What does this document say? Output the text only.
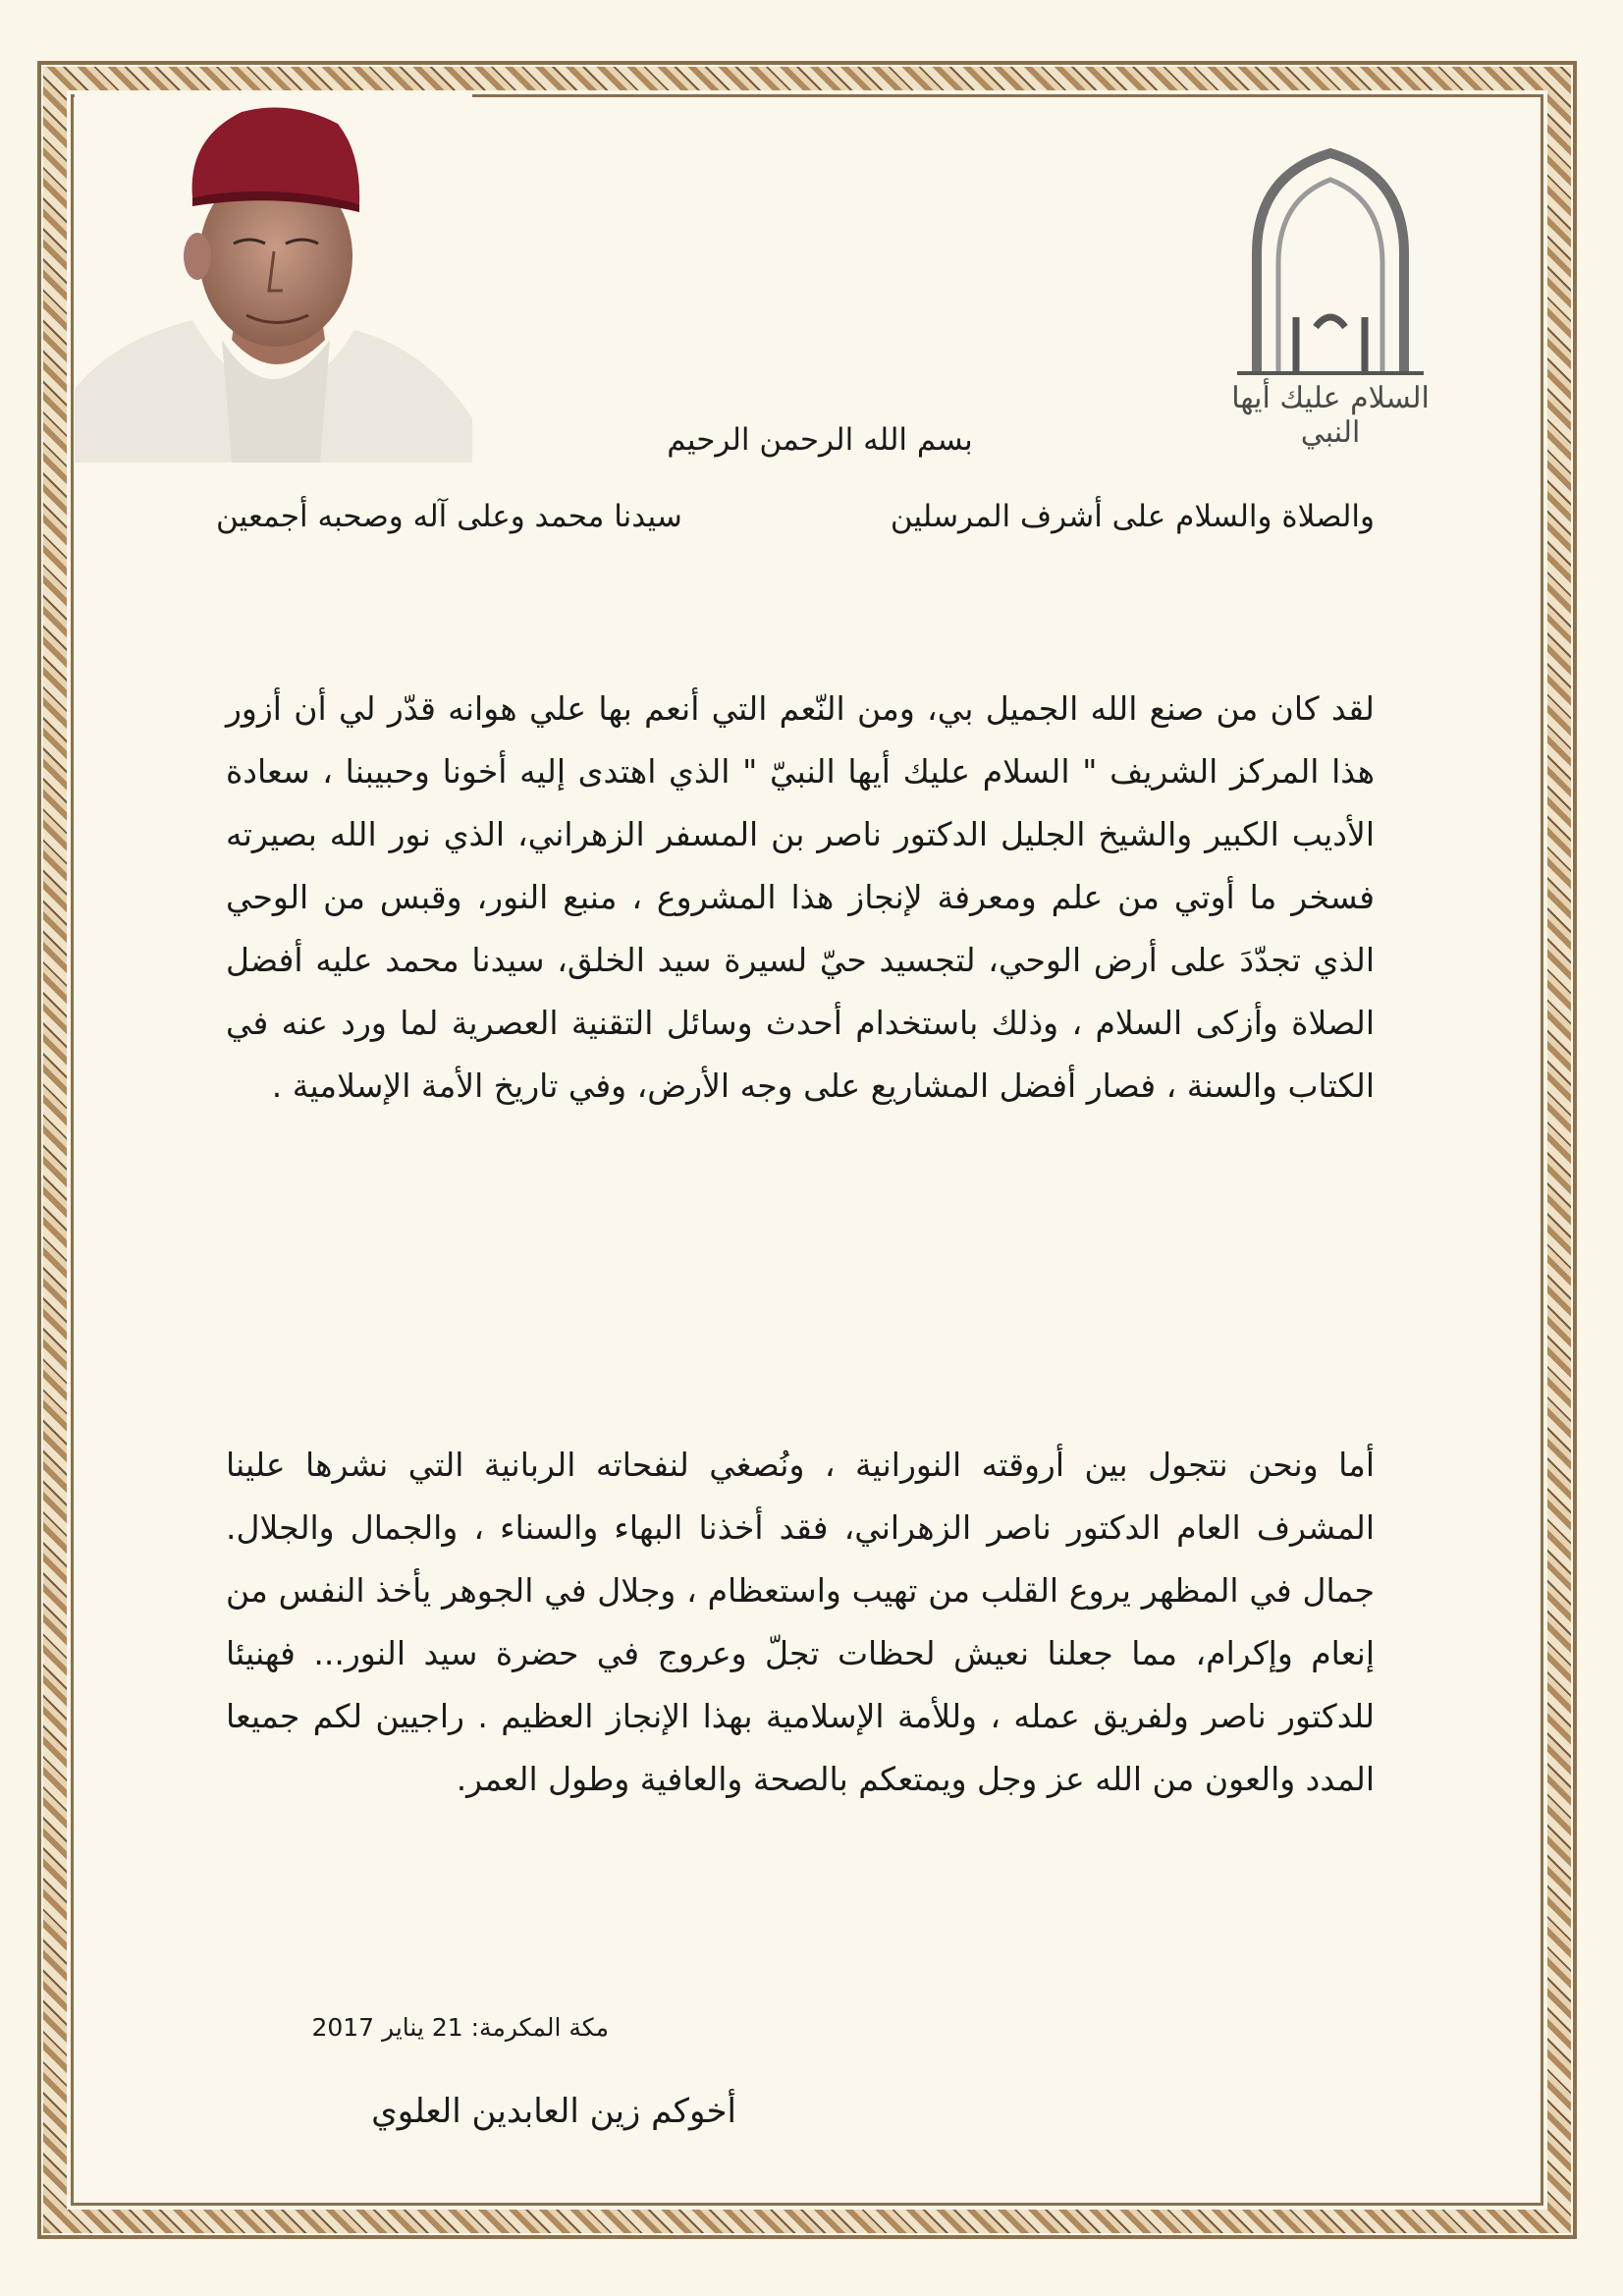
السلام عليك أيها النبي
بسم الله الرحمن الرحيم
والصلاة والسلام على أشرف المرسلين
سيدنا محمد وعلى آله وصحبه أجمعين
لقد كان من صنع الله الجميل بي، ومن النّعم التي أنعم بها علي هوانه قدّر لي أن أزور هذا المركز الشريف " السلام عليك أيها النبيّ " الذي اهتدى إليه أخونا وحبيبنا ، سعادة الأديب الكبير والشيخ الجليل الدكتور ناصر بن المسفر الزهراني، الذي نور الله بصيرته فسخر ما أوتي من علم ومعرفة لإنجاز هذا المشروع ، منبع النور، وقبس من الوحي الذي تجدّدَ على أرض الوحي، لتجسيد حيّ لسيرة سيد الخلق، سيدنا محمد عليه أفضل الصلاة وأزكى السلام ، وذلك باستخدام أحدث وسائل التقنية العصرية لما ورد عنه في الكتاب والسنة ، فصار أفضل المشاريع على وجه الأرض، وفي تاريخ الأمة الإسلامية .
أما ونحن نتجول بين أروقته النورانية ، ونُصغي لنفحاته الربانية التي نشرها علينا المشرف العام الدكتور ناصر الزهراني، فقد أخذنا البهاء والسناء ، والجمال والجلال. جمال في المظهر يروع القلب من تهيب واستعظام ، وجلال في الجوهر يأخذ النفس من إنعام وإكرام، مما جعلنا نعيش لحظات تجلّ وعروج في حضرة سيد النور... فهنيئا للدكتور ناصر ولفريق عمله ، وللأمة الإسلامية بهذا الإنجاز العظيم . راجيين لكم جميعا المدد والعون من الله عز وجل ويمتعكم بالصحة والعافية وطول العمر.
مكة المكرمة: 21 يناير 2017
أخوكم زين العابدين العلوي
